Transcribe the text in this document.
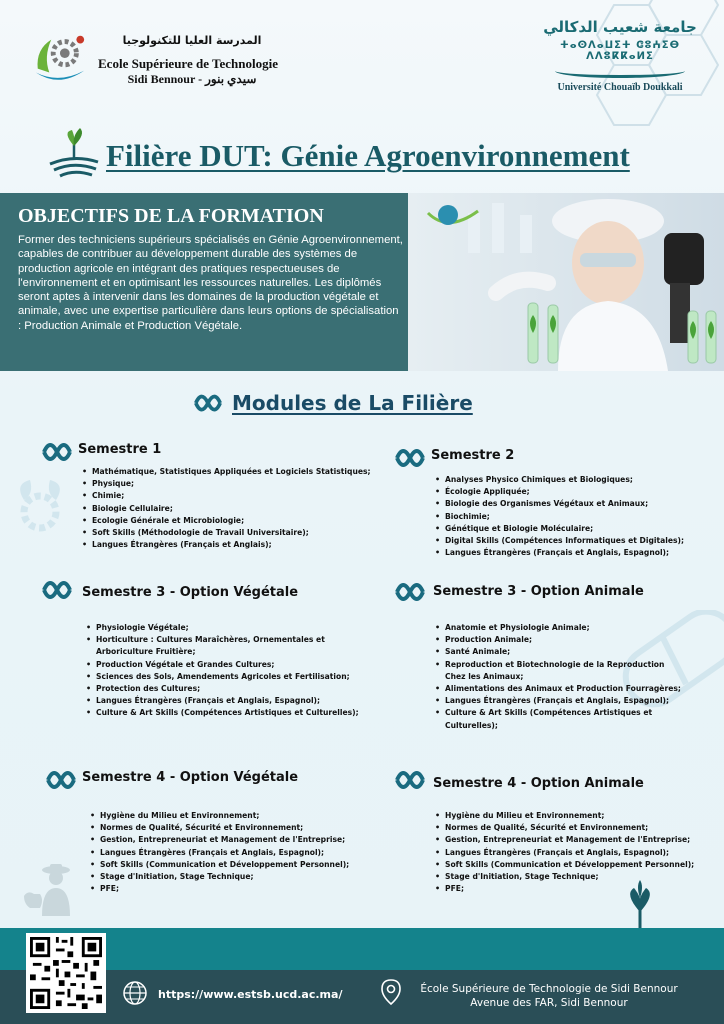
المدرسة العليا للتكنولوجيا
Ecole Supérieure de Technologie
Sidi Bennour - سيدي بنور
جامعة شعيب الدكالي
ⵜⴰⵙⴷⴰⵡⵉⵜ ⵛⵓⵄⵉⴱ ⴷⴷⵓⴽⴽⴰⵍⵉ
Université Chouaïb Doukkali
Filière DUT: Génie Agroenvironnement
OBJECTIFS DE LA FORMATION
Former des techniciens supérieurs spécialisés en Génie Agroenvironnement, capables de contribuer au développement durable des systèmes de production agricole en intégrant des pratiques respectueuses de l'environnement et en optimisant les ressources naturelles. Les diplômés seront aptes à intervenir dans les domaines de la production végétale et animale, avec une expertise particulière dans leurs options de spécialisation : Production Animale et Production Végétale.
Modules de La Filière
Semestre 1
• Mathématique, Statistiques Appliquées et Logiciels Statistiques;
• Physique;
• Chimie;
• Biologie Cellulaire;
• Ecologie Générale et Microbiologie;
• Soft Skills (Méthodologie de Travail Universitaire);
• Langues Étrangères (Français et Anglais);
Semestre 2
• Analyses Physico Chimiques et Biologiques;
• Écologie Appliquée;
• Biologie des Organismes Végétaux et Animaux;
• Biochimie;
• Génétique et Biologie Moléculaire;
• Digital Skills (Compétences Informatiques et Digitales);
• Langues Étrangères (Français et Anglais, Espagnol);
Semestre 3 - Option Végétale
• Physiologie Végétale;
• Horticulture : Cultures Maraîchères, Ornementales et Arboriculture Fruitière;
• Production Végétale et Grandes Cultures;
• Sciences des Sols, Amendements Agricoles et Fertilisation;
• Protection des Cultures;
• Langues Étrangères (Français et Anglais, Espagnol);
• Culture & Art Skills (Compétences Artistiques et Culturelles);
Semestre 3 - Option Animale
• Anatomie et Physiologie Animale;
• Production Animale;
• Santé Animale;
• Reproduction et Biotechnologie de la Reproduction Chez les Animaux;
• Alimentations des Animaux et Production Fourragères;
• Langues Étrangères (Français et Anglais, Espagnol);
• Culture & Art Skills (Compétences Artistiques et Culturelles);
Semestre 4 - Option Végétale
• Hygiène du Milieu et Environnement;
• Normes de Qualité, Sécurité et Environnement;
• Gestion, Entrepreneuriat et Management de l'Entreprise;
• Langues Étrangères (Français et Anglais, Espagnol);
• Soft Skills (Communication et Développement Personnel);
• Stage d'Initiation, Stage Technique;
• PFE;
Semestre 4 - Option Animale
• Hygiène du Milieu et Environnement;
• Normes de Qualité, Sécurité et Environnement;
• Gestion, Entrepreneuriat et Management de l'Entreprise;
• Langues Étrangères (Français et Anglais, Espagnol);
• Soft Skills (Communication et Développement Personnel);
• Stage d'Initiation, Stage Technique;
• PFE;
https://www.estsb.ucd.ac.ma/	École Supérieure de Technologie de Sidi Bennour
Avenue des FAR, Sidi Bennour
